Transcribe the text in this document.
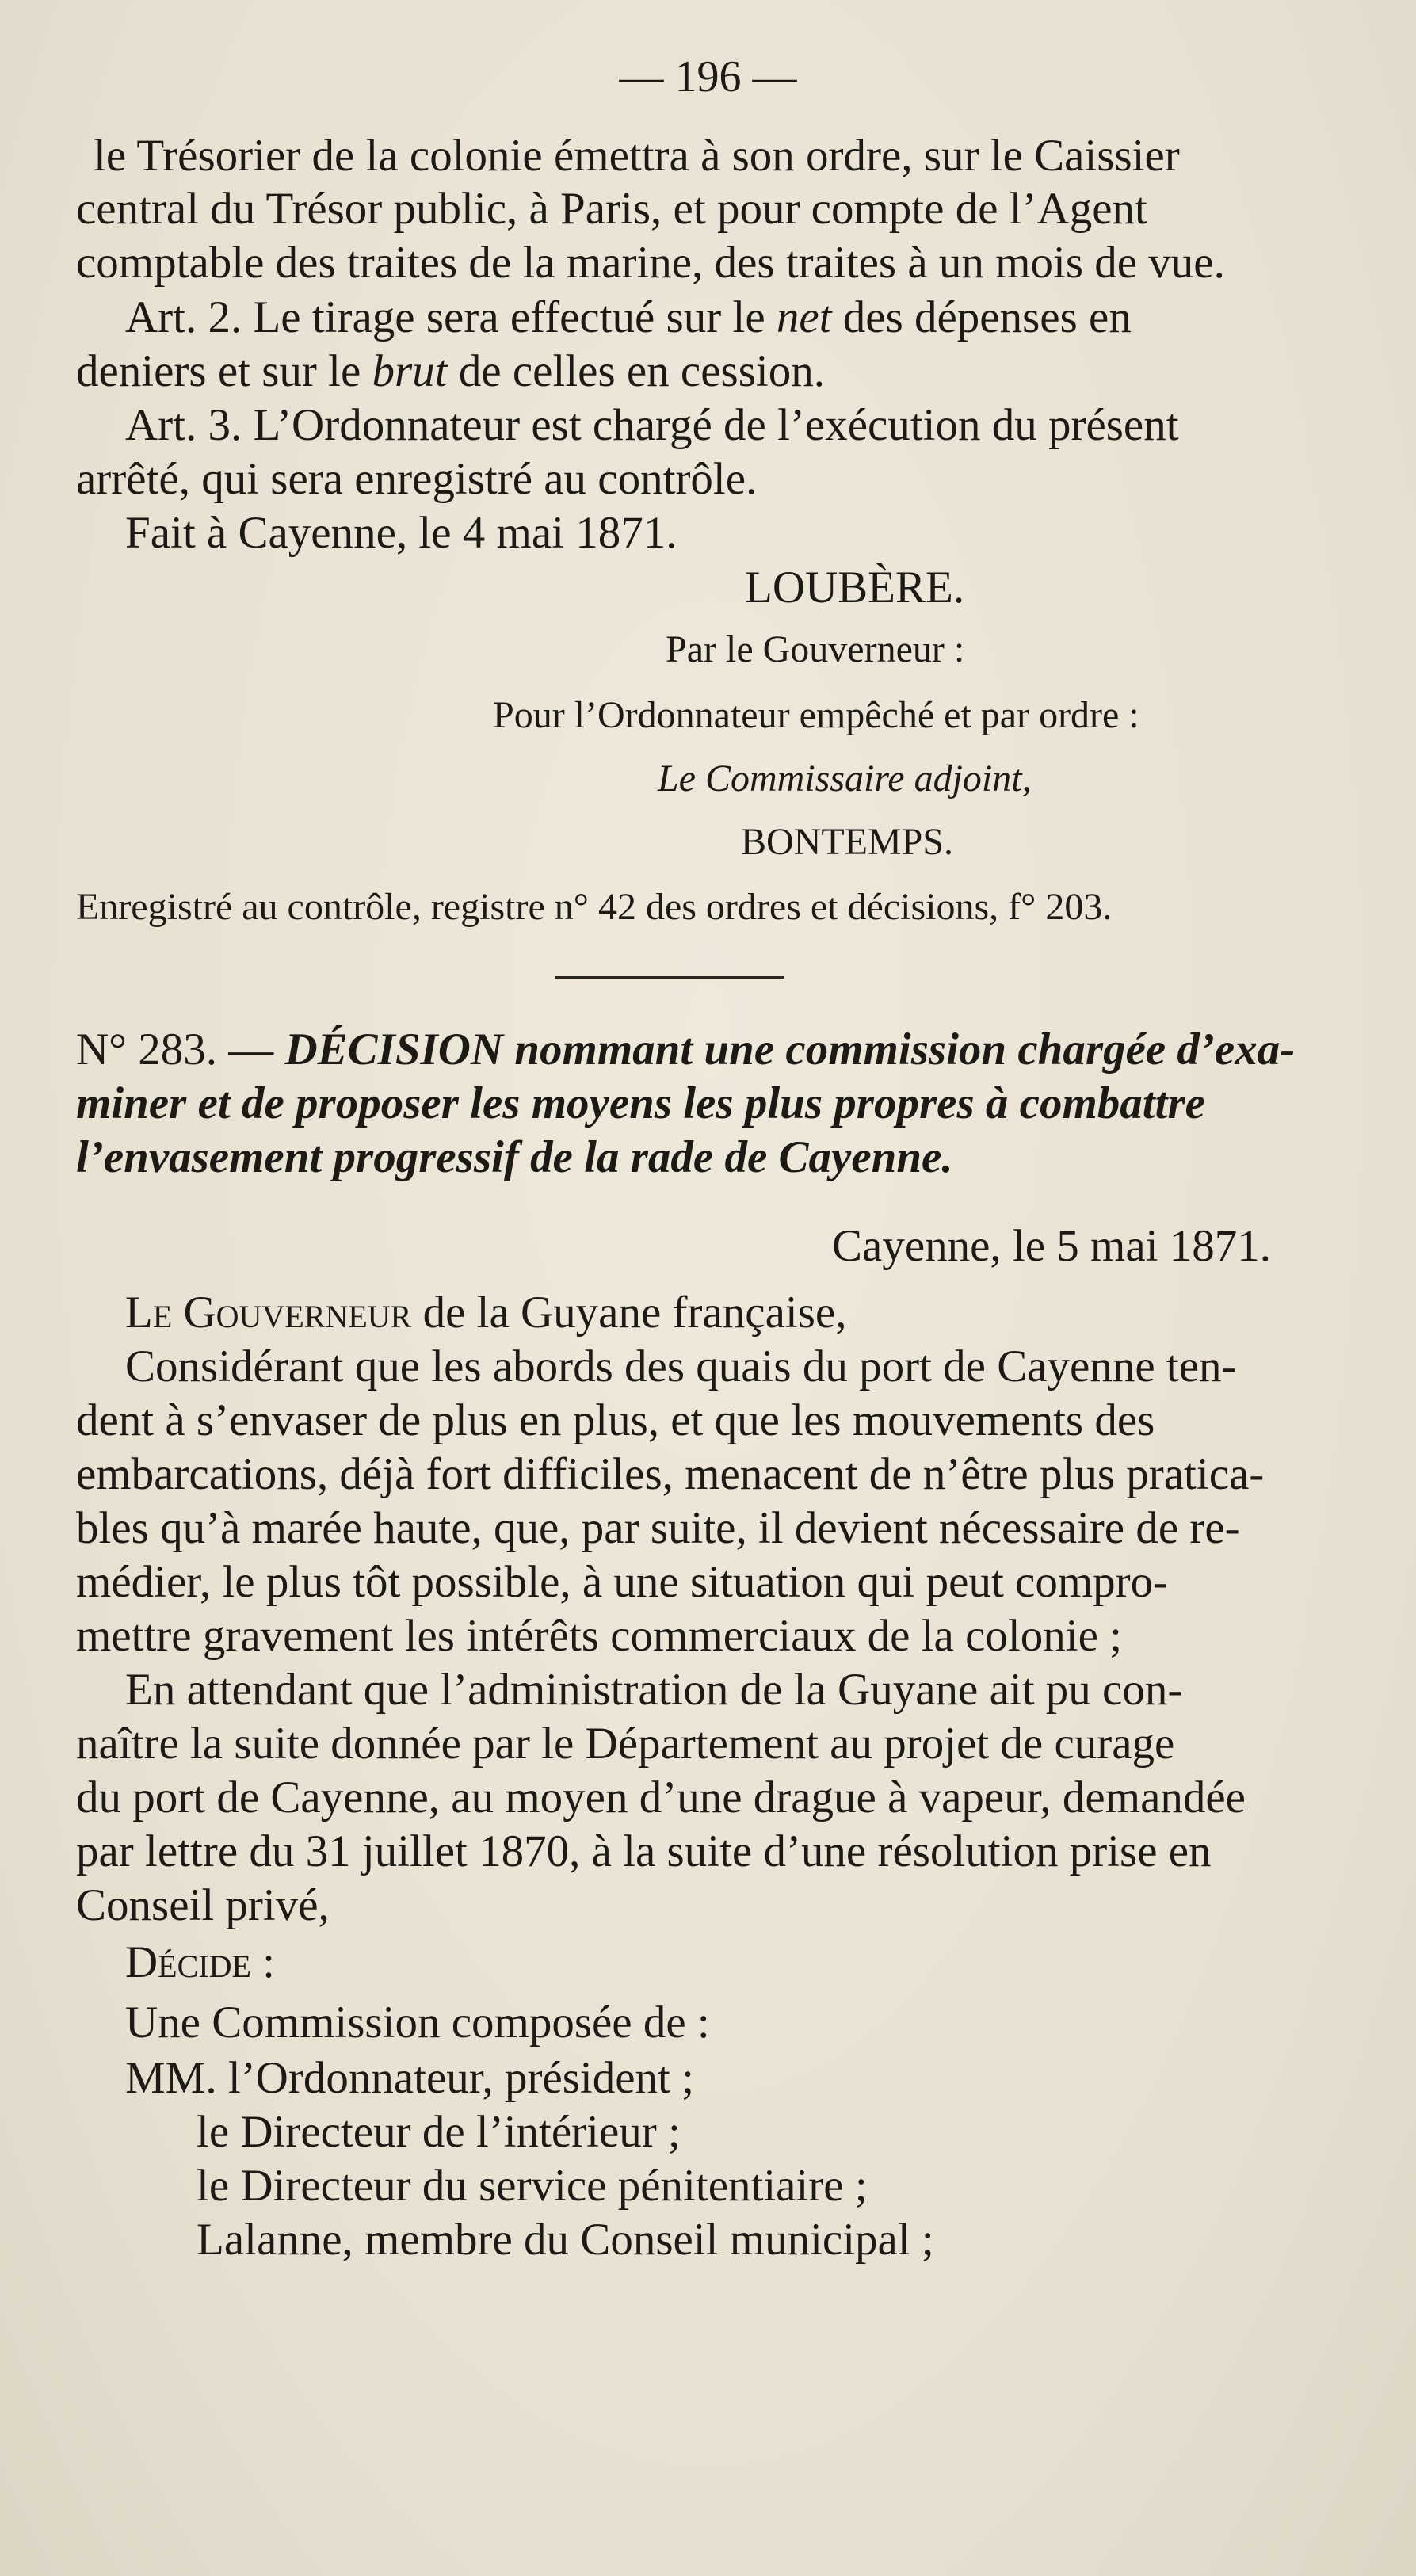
— 196 —
le Trésorier de la colonie émettra à son ordre, sur le Caissier
central du Trésor public, à Paris, et pour compte de l’Agent
comptable des traites de la marine, des traites à un mois de vue.
Art. 2. Le tirage sera effectué sur le net des dépenses en
deniers et sur le brut de celles en cession.
Art. 3. L’Ordonnateur est chargé de l’exécution du présent
arrêté, qui sera enregistré au contrôle.
Fait à Cayenne, le 4 mai 1871.
LOUBÈRE.
Par le Gouverneur :
Pour l’Ordonnateur empêché et par ordre :
Le Commissaire adjoint,
BONTEMPS.
Enregistré au contrôle, registre n° 42 des ordres et décisions, f° 203.
N° 283. — DÉCISION nommant une commission chargée d’exa-
miner et de proposer les moyens les plus propres à combattre
l’envasement progressif de la rade de Cayenne.
Cayenne, le 5 mai 1871.
Le Gouverneur de la Guyane française,
Considérant que les abords des quais du port de Cayenne ten-
dent à s’envaser de plus en plus, et que les mouvements des
embarcations, déjà fort difficiles, menacent de n’être plus pratica-
bles qu’à marée haute, que, par suite, il devient nécessaire de re-
médier, le plus tôt possible, à une situation qui peut compro-
mettre gravement les intérêts commerciaux de la colonie ;
En attendant que l’administration de la Guyane ait pu con-
naître la suite donnée par le Département au projet de curage
du port de Cayenne, au moyen d’une drague à vapeur, demandée
par lettre du 31 juillet 1870, à la suite d’une résolution prise en
Conseil privé,
Décide :
Une Commission composée de :
MM. l’Ordonnateur, président ;
le Directeur de l’intérieur ;
le Directeur du service pénitentiaire ;
Lalanne, membre du Conseil municipal ;
